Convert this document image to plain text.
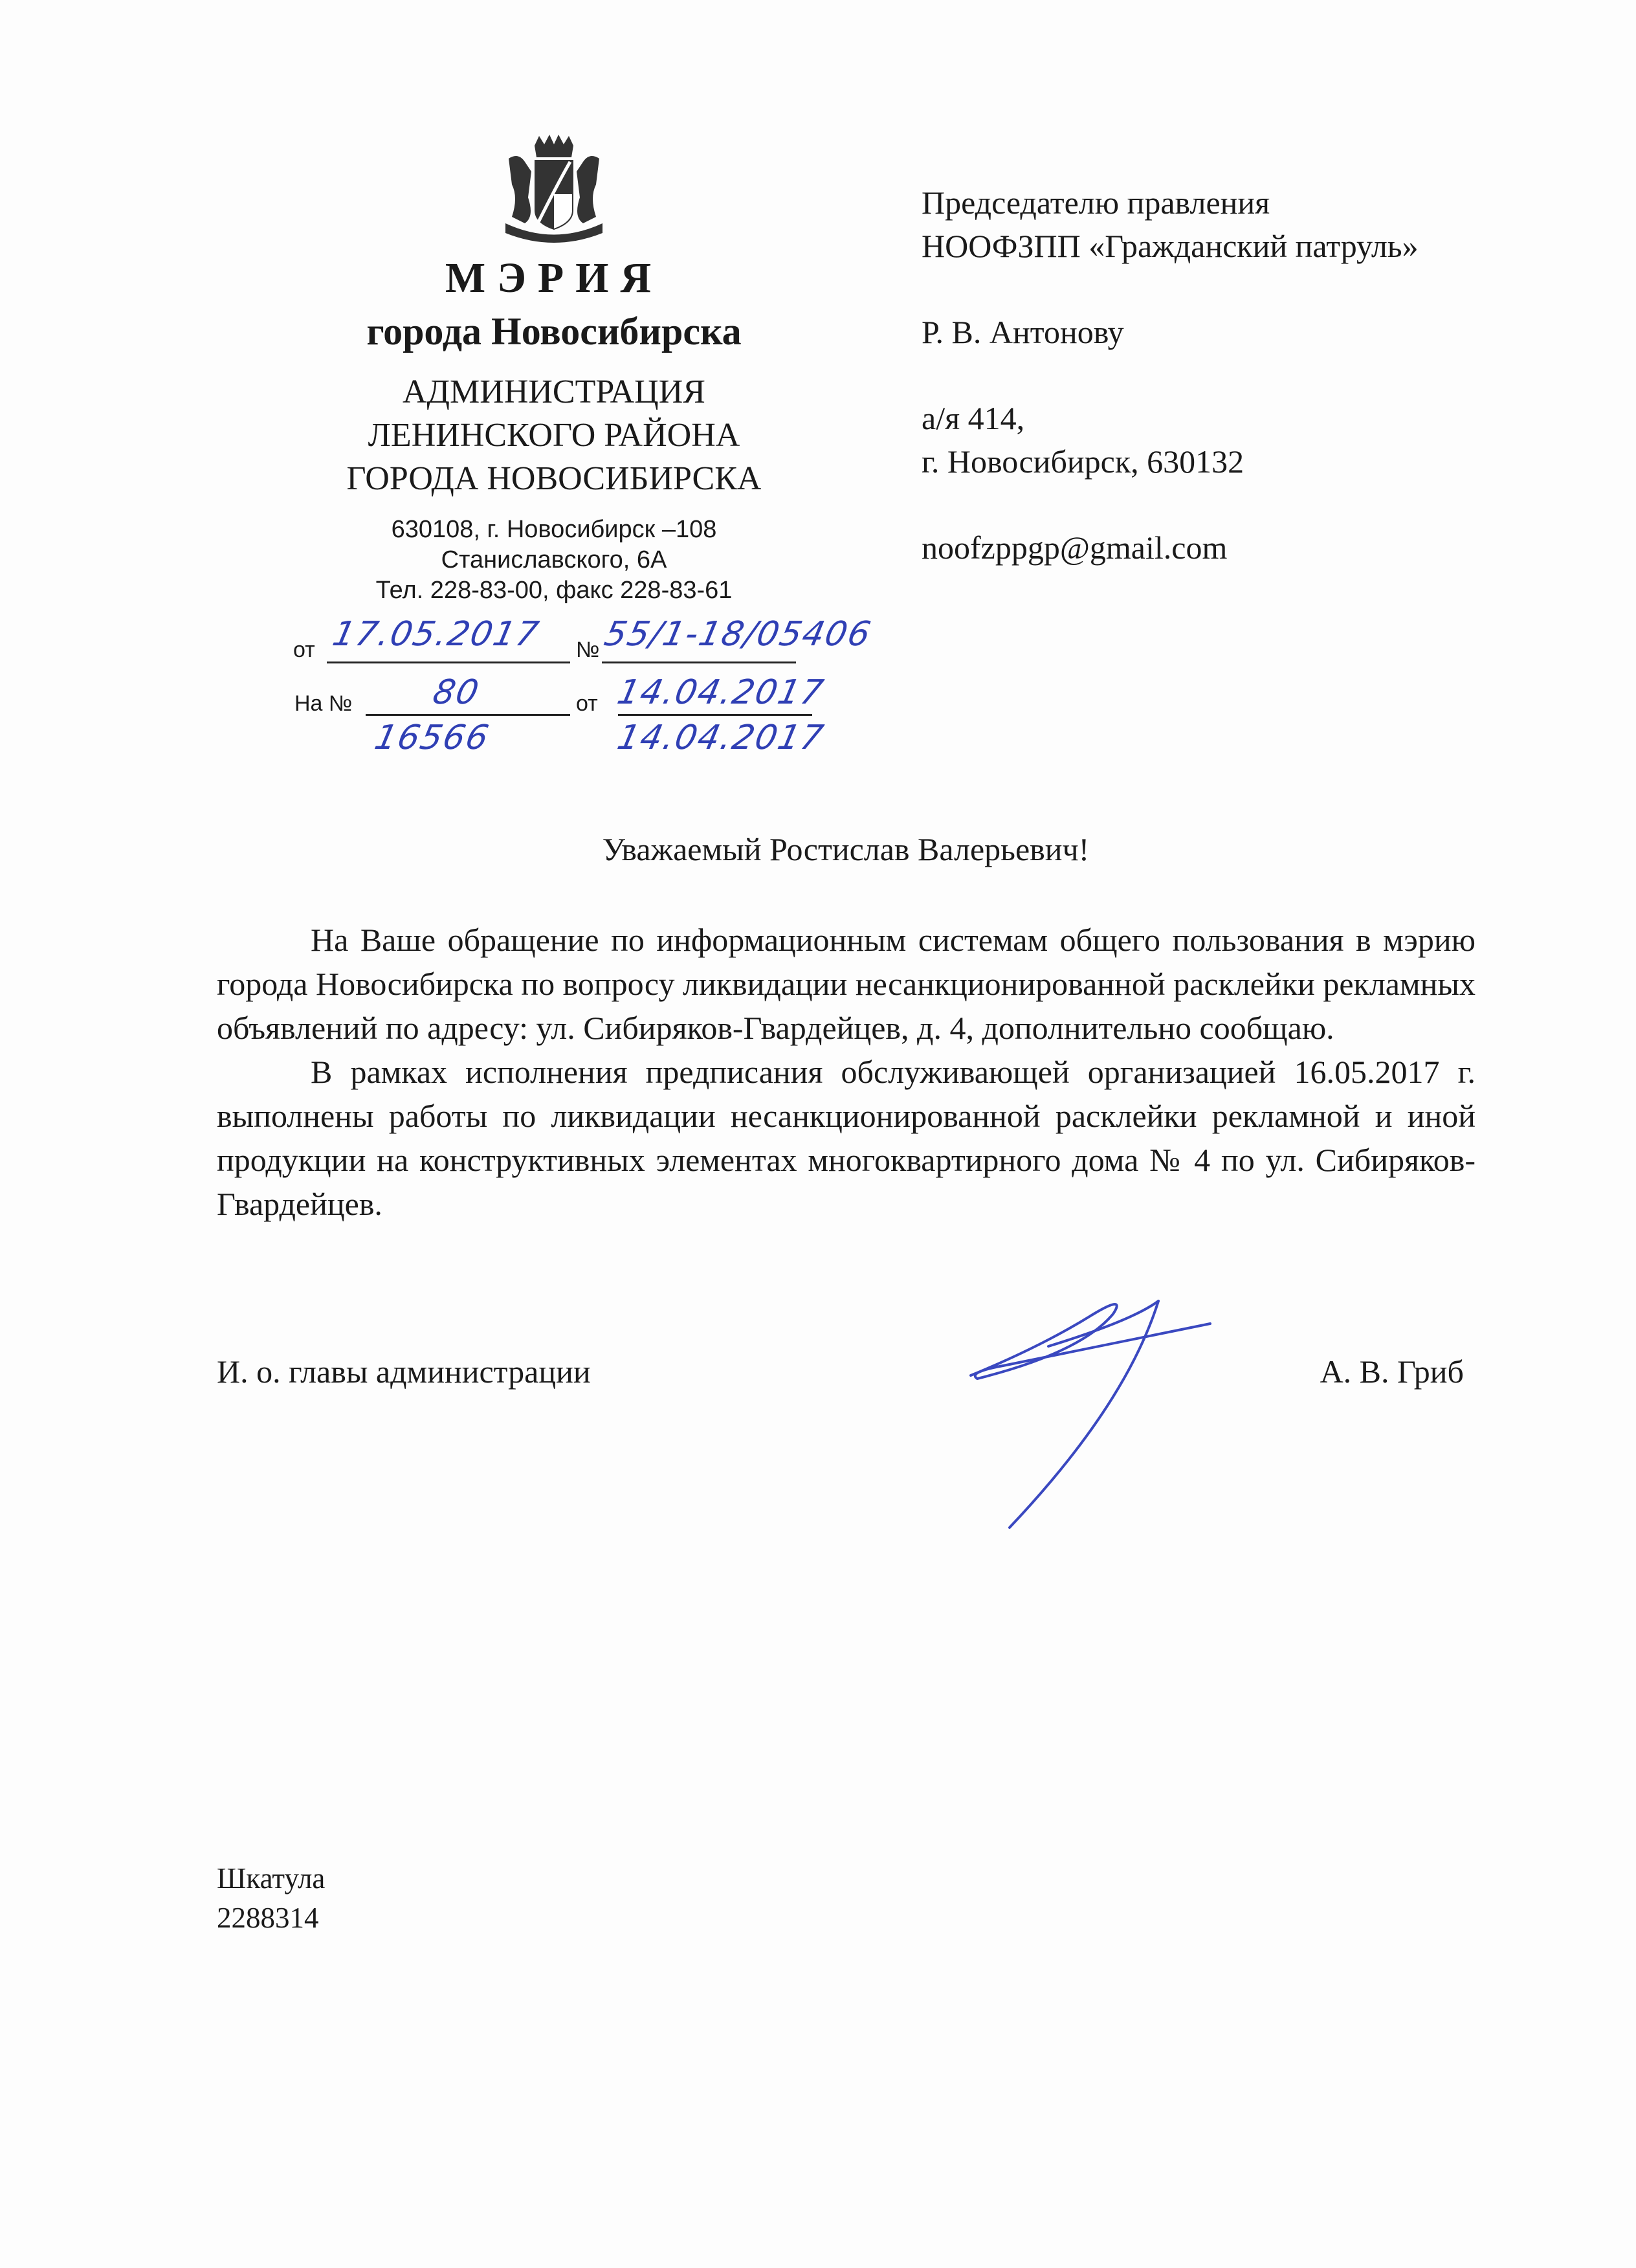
МЭРИЯ
города Новосибирска
АДМИНИСТРАЦИЯ
ЛЕНИНСКОГО РАЙОНА
ГОРОДА НОВОСИБИРСКА
630108, г. Новосибирск –108
Станиславского, 6А
Тел. 228-83-00, факс 228-83-61
от 17.05.2017 № 55/1-18/05406
На № 80	от 14.04.2017
16566	14.04.2017
Председателю правления
НООФЗПП «Гражданский патруль»
Р. В. Антонову
а/я 414,
г. Новосибирск, 630132
noofzppgp@gmail.com
Уважаемый Ростислав Валерьевич!

На Ваше обращение по информационным системам общего пользования в мэрию города Новосибирска по вопросу ликвидации несанкционированной расклейки рекламных объявлений по адресу: ул. Сибиряков-Гвардейцев, д. 4, дополнительно сообщаю.

В рамках исполнения предписания обслуживающей организацией 16.05.2017 г. выполнены работы по ликвидации несанкционированной расклейки рекламной и иной продукции на конструктивных элементах многоквартирного дома № 4 по ул. Сибиряков-Гвардейцев.

И. о. главы администрации	А. В. Гриб
Шкатула
2288314
